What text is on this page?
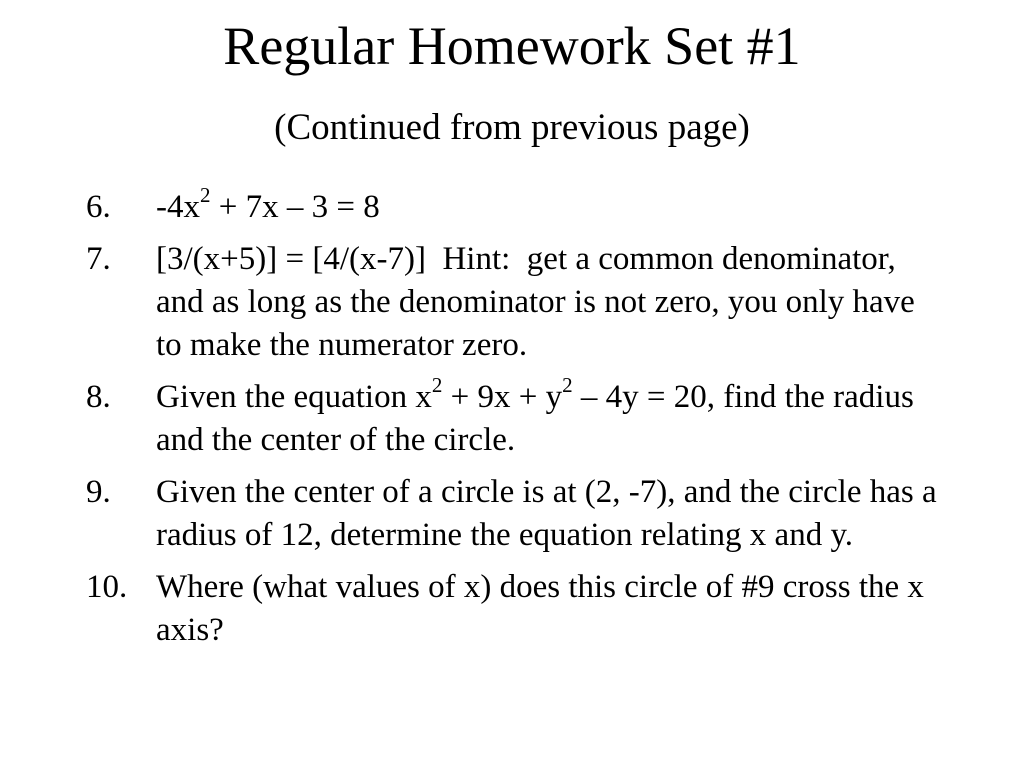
Regular Homework Set #1
(Continued from previous page)
6. $-4x^2 + 7x - 3 = 8$
7. [3/(x+5)] = [4/(x-7)]  Hint:  get a common denominator, and as long as the denominator is not zero, you only have to make the numerator zero.
8. Given the equation $x^2 + 9x + y^2 - 4y = 20$, find the radius and the center of the circle.
9. Given the center of a circle is at (2, -7), and the circle has a radius of 12, determine the equation relating x and y.
10. Where (what values of x) does this circle of #9 cross the x axis?
